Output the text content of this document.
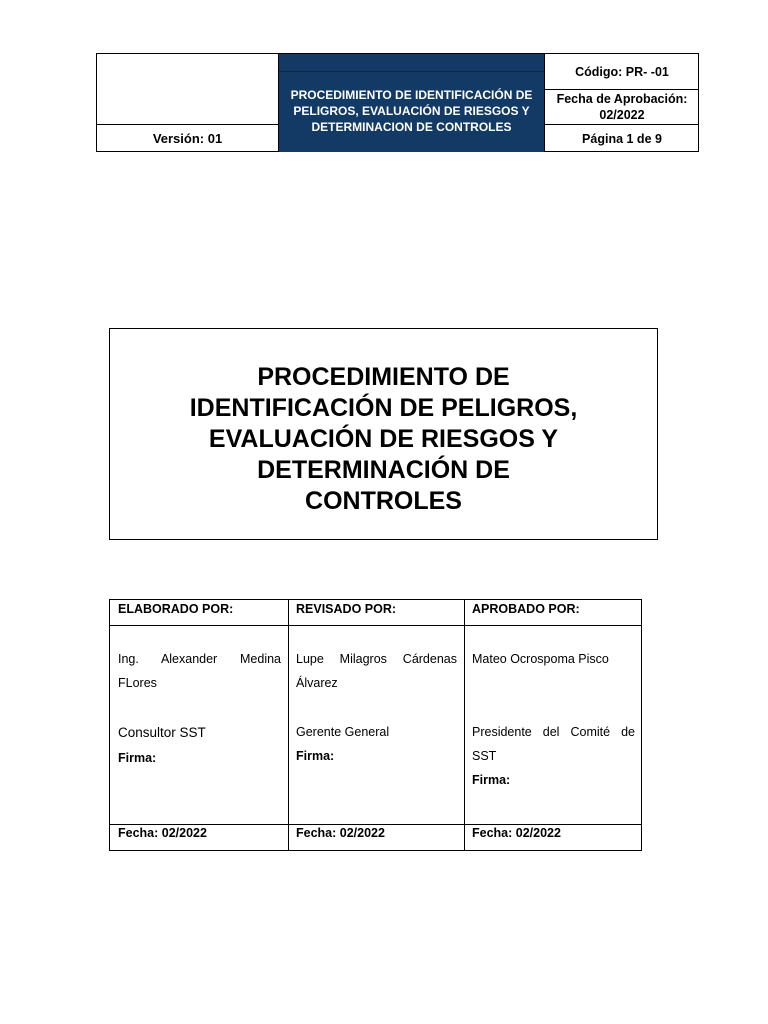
Versión: 01
PROCEDIMIENTO DE IDENTIFICACIÓN DE PELIGROS, EVALUACIÓN DE RIESGOS Y DETERMINACION DE CONTROLES
Código: PR- -01
Fecha de Aprobación:
02/2022
Página 1 de 9
PROCEDIMIENTO DE
IDENTIFICACIÓN DE PELIGROS,
EVALUACIÓN DE RIESGOS Y
DETERMINACIÓN DE
CONTROLES
ELABORADO POR:
Ing. Alexander Medina
FLores
Consultor SST
Firma:
Fecha: 02/2022
REVISADO POR:
Lupe Milagros Cárdenas
Álvarez
Gerente General
Firma:
Fecha: 02/2022
APROBADO POR:
Mateo Ocrospoma Pisco
Presidente del Comité de
SST
Firma:
Fecha: 02/2022
